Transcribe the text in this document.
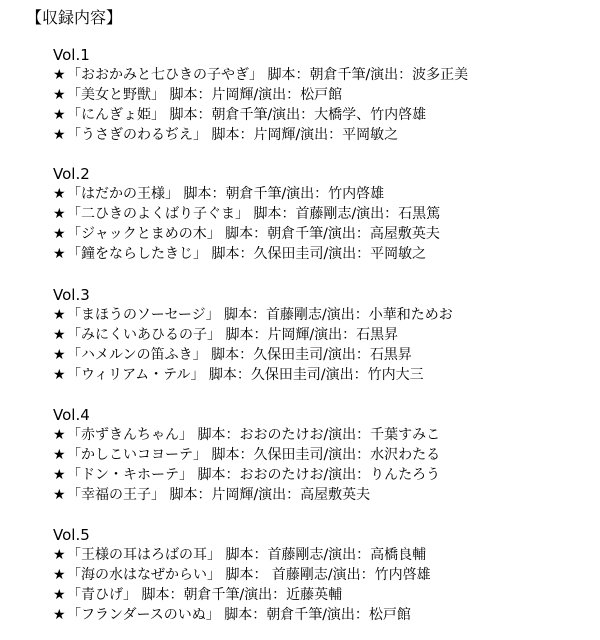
【収録内容】
Vol.1
★「おおかみと七ひきの子やぎ」 脚本：朝倉千筆/演出：波多正美
★「美女と野獣」 脚本：片岡輝/演出：松戸館
★「にんぎょ姫」 脚本：朝倉千筆/演出：大橋学、竹内啓雄
★「うさぎのわるぢえ」 脚本：片岡輝/演出：平岡敏之
Vol.2
★「はだかの王様」 脚本：朝倉千筆/演出：竹内啓雄
★「二ひきのよくばり子ぐま」 脚本：首藤剛志/演出：石黒篤
★「ジャックとまめの木」 脚本：朝倉千筆/演出：高屋敷英夫
★「鐘をならしたきじ」 脚本：久保田圭司/演出：平岡敏之
Vol.3
★「まほうのソーセージ」 脚本：首藤剛志/演出：小華和ためお
★「みにくいあひるの子」 脚本：片岡輝/演出：石黒昇
★「ハメルンの笛ふき」 脚本：久保田圭司/演出：石黒昇
★「ウィリアム・テル」 脚本：久保田圭司/演出：竹内大三
Vol.4
★「赤ずきんちゃん」 脚本：おおのたけお/演出：千葉すみこ
★「かしこいコヨーテ」 脚本：久保田圭司/演出：水沢わたる
★「ドン・キホーテ」 脚本：おおのたけお/演出：りんたろう
★「幸福の王子」 脚本：片岡輝/演出：高屋敷英夫
Vol.5
★「王様の耳はろばの耳」 脚本：首藤剛志/演出：高橋良輔
★「海の水はなぜからい」 脚本： 首藤剛志/演出：竹内啓雄
★「青ひげ」 脚本：朝倉千筆/演出：近藤英輔
★「フランダースのいぬ」 脚本：朝倉千筆/演出：松戸館
